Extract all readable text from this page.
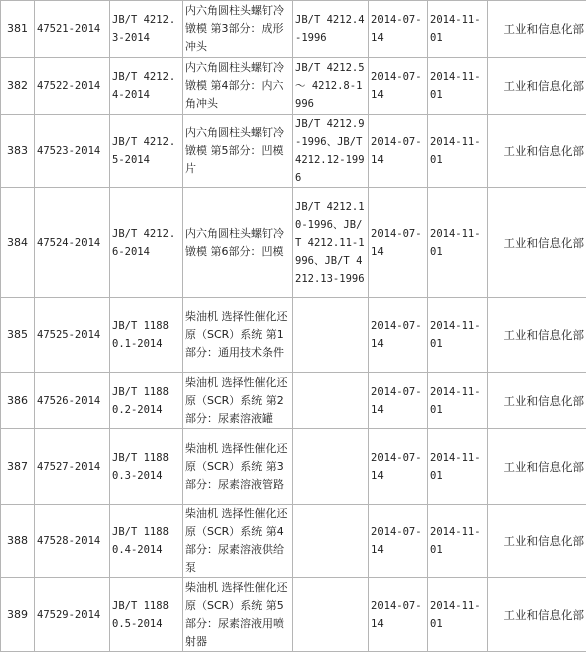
381	47521-2014	JB/T 4212.3-2014	内六角圆柱头螺钉冷镦模 第3部分：成形冲头	JB/T 4212.4-1996	2014-07-14	2014-11-01	工业和信息化部
382	47522-2014	JB/T 4212.4-2014	内六角圆柱头螺钉冷镦模 第4部分：内六角冲头	JB/T 4212.5～ 4212.8-1996	2014-07-14	2014-11-01	工业和信息化部
383	47523-2014	JB/T 4212.5-2014	内六角圆柱头螺钉冷镦模 第5部分：凹模片	JB/T 4212.9-1996、JB/T 4212.12-1996	2014-07-14	2014-11-01	工业和信息化部
384	47524-2014	JB/T 4212.6-2014	内六角圆柱头螺钉冷镦模 第6部分：凹模	JB/T 4212.10-1996、JB/T 4212.11-1996、JB/T 4212.13-1996	2014-07-14	2014-11-01	工业和信息化部
385	47525-2014	JB/T 11880.1-2014	柴油机 选择性催化还原（SCR）系统 第1部分：通用技术条件		2014-07-14	2014-11-01	工业和信息化部
386	47526-2014	JB/T 11880.2-2014	柴油机 选择性催化还原（SCR）系统 第2部分：尿素溶液罐		2014-07-14	2014-11-01	工业和信息化部
387	47527-2014	JB/T 11880.3-2014	柴油机 选择性催化还原（SCR）系统 第3部分：尿素溶液管路		2014-07-14	2014-11-01	工业和信息化部
388	47528-2014	JB/T 11880.4-2014	柴油机 选择性催化还原（SCR）系统 第4部分：尿素溶液供给泵		2014-07-14	2014-11-01	工业和信息化部
389	47529-2014	JB/T 11880.5-2014	柴油机 选择性催化还原（SCR）系统 第5部分：尿素溶液用喷射器		2014-07-14	2014-11-01	工业和信息化部
